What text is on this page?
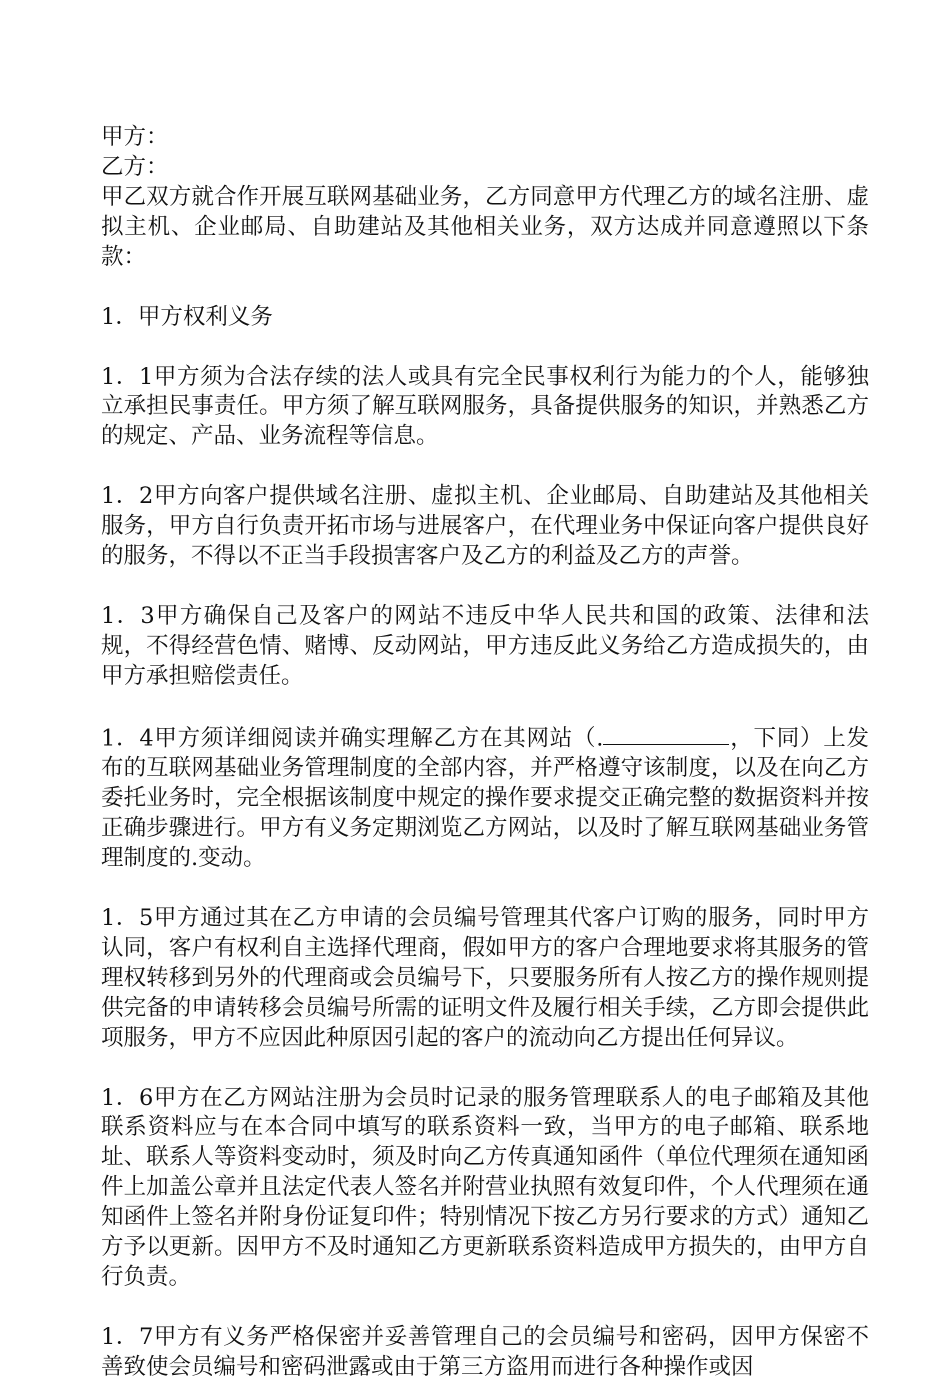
甲方：

乙方：

甲乙双方就合作开展互联网基础业务，乙方同意甲方代理乙方的域名注册、虚拟主机、企业邮局、自助建站及其他相关业务，双方达成并同意遵照以下条款：

1．甲方权利义务

1．1甲方须为合法存续的法人或具有完全民事权利行为能力的个人，能够独立承担民事责任。甲方须了解互联网服务，具备提供服务的知识，并熟悉乙方的规定、产品、业务流程等信息。

1．2甲方向客户提供域名注册、虚拟主机、企业邮局、自助建站及其他相关服务，甲方自行负责开拓市场与进展客户，在代理业务中保证向客户提供良好的服务，不得以不正当手段损害客户及乙方的利益及乙方的声誉。

1．3甲方确保自己及客户的网站不违反中华人民共和国的政策、法律和法规，不得经营色情、赌博、反动网站，甲方违反此义务给乙方造成损失的，由甲方承担赔偿责任。

1．4甲方须详细阅读并确实理解乙方在其网站（.	，下同）上发布的互联网基础业务管理制度的全部内容，并严格遵守该制度，以及在向乙方委托业务时，完全根据该制度中规定的操作要求提交正确完整的数据资料并按正确步骤进行。甲方有义务定期浏览乙方网站，以及时了解互联网基础业务管理制度的.变动。

1．5甲方通过其在乙方申请的会员编号管理其代客户订购的服务，同时甲方认同，客户有权利自主选择代理商，假如甲方的客户合理地要求将其服务的管理权转移到另外的代理商或会员编号下，只要服务所有人按乙方的操作规则提供完备的申请转移会员编号所需的证明文件及履行相关手续，乙方即会提供此项服务，甲方不应因此种原因引起的客户的流动向乙方提出任何异议。

1．6甲方在乙方网站注册为会员时记录的服务管理联系人的电子邮箱及其他联系资料应与在本合同中填写的联系资料一致，当甲方的电子邮箱、联系地址、联系人等资料变动时，须及时向乙方传真通知函件（单位代理须在通知函件上加盖公章并且法定代表人签名并附营业执照有效复印件，个人代理须在通知函件上签名并附身份证复印件；特别情况下按乙方另行要求的方式）通知乙方予以更新。因甲方不及时通知乙方更新联系资料造成甲方损失的，由甲方自行负责。

1．7甲方有义务严格保密并妥善管理自己的会员编号和密码，因甲方保密不善致使会员编号和密码泄露或由于第三方盗用而进行各种操作或因
